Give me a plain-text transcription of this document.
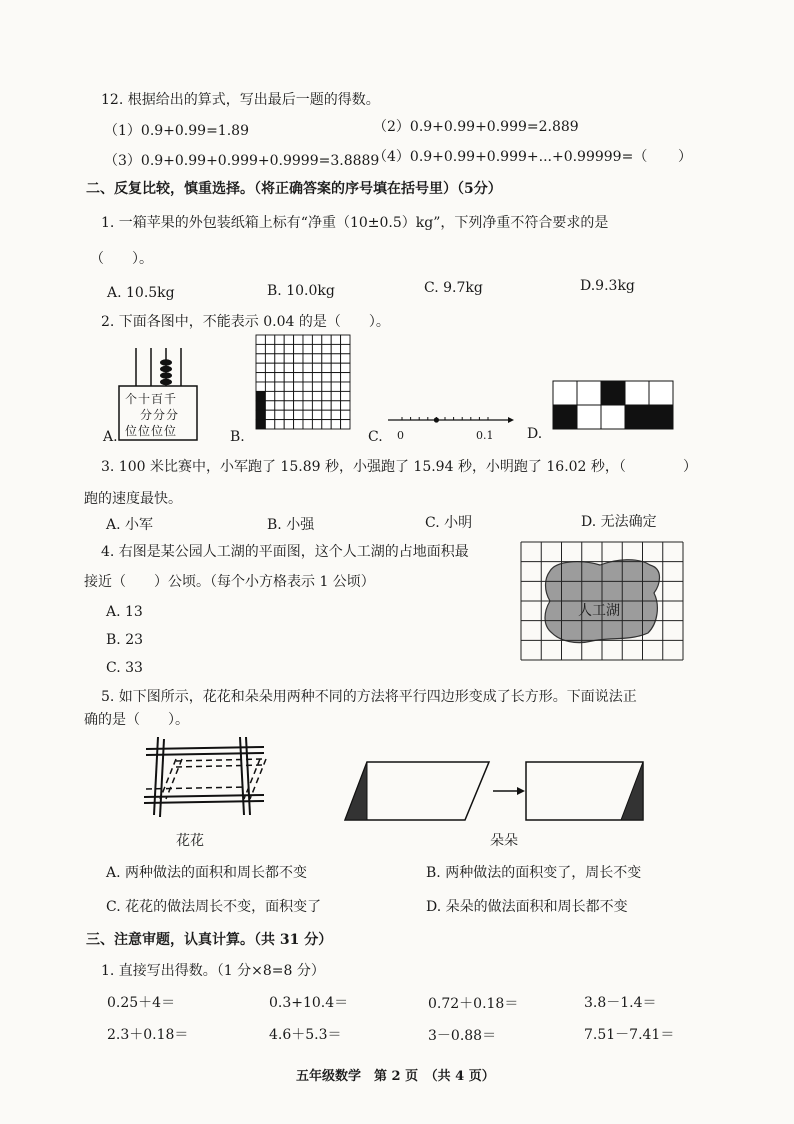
12. 根据给出的算式，写出最后一题的得数。
（1）0.9+0.99=1.89	（2）0.9+0.99+0.999=2.889
（3）0.9+0.99+0.999+0.9999=3.8889
（4）0.9+0.99+0.999+...+0.99999=（ ）
二、反复比较，慎重选择。（将正确答案的序号填在括号里）（5分）
1. 一箱苹果的外包装纸箱上标有“净重（10±0.5）kg”，下列净重不符合要求的是
（　　）。
A. 10.5kg	B. 10.0kg	C. 9.7kg	D.9.3kg
2. 下面各图中，不能表示 0.04 的是（　　）。
A.
个十百千
分分分
位位位位	B.	C. 0	0.1 D.
3. 100 米比赛中，小军跑了 15.89 秒，小强跑了 15.94 秒，小明跑了 16.02 秒，（	）
跑的速度最快。
A. 小军	B. 小强	C. 小明	D. 无法确定
4. 右图是某公园人工湖的平面图，这个人工湖的占地面积最
接近（　　）公顷。（每个小方格表示 1 公顷）
A. 13
B. 23
C. 33
人工湖
5. 如下图所示，花花和朵朵用两种不同的方法将平行四边形变成了长方形。下面说法正
确的是（　　）。
花花	朵朵
A. 两种做法的面积和周长都不变	B. 两种做法的面积变了，周长不变
C. 花花的做法周长不变，面积变了	D. 朵朵的做法面积和周长都不变
三、注意审题，认真计算。（共 31 分）
1. 直接写出得数。（1 分×8=8 分）
0.25＋4＝	0.3+10.4＝	0.72＋0.18＝	3.8－1.4＝
2.3＋0.18＝	4.6＋5.3＝	3－0.88＝	7.51－7.41＝
五年级数学　第 2 页　（共 4 页）
